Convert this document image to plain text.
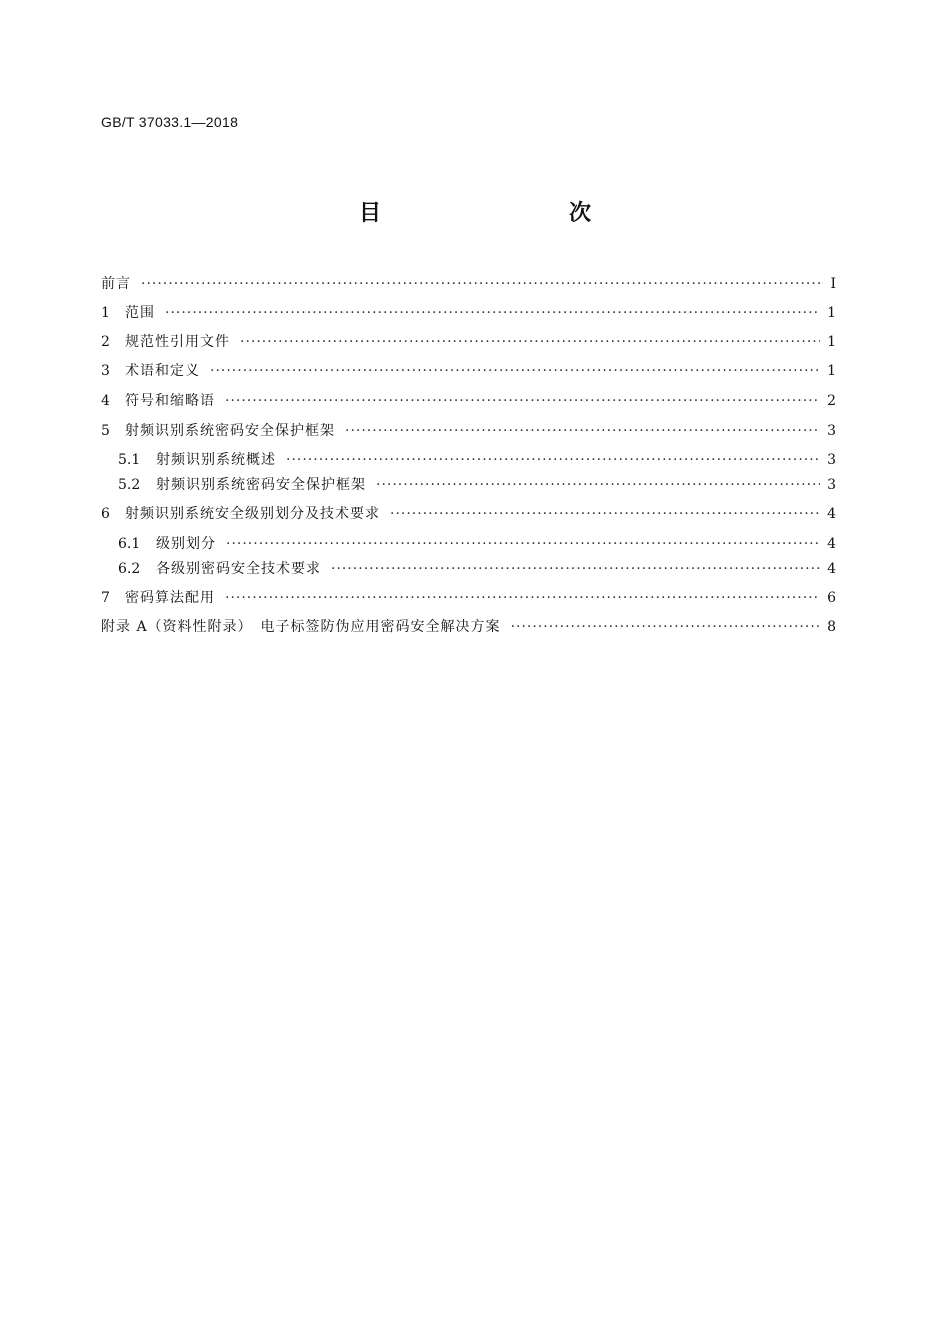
GB/T 37033.1—2018
目　　次
前言 ·····	Ⅰ
1	范围 ·····	1
2	规范性引用文件 ·····	1
3	术语和定义 ·····	1
4	符号和缩略语 ·····	2
5	射频识别系统密码安全保护框架 ·····	3
5.1	射频识别系统概述 ·····	3
5.2	射频识别系统密码安全保护框架 ·····	3
6	射频识别系统安全级别划分及技术要求 ·····	4
6.1	级别划分 ·····	4
6.2	各级别密码安全技术要求 ·····	4
7	密码算法配用 ·····	6
附录 A（资料性附录）　电子标签防伪应用密码安全解决方案 ·····	8
